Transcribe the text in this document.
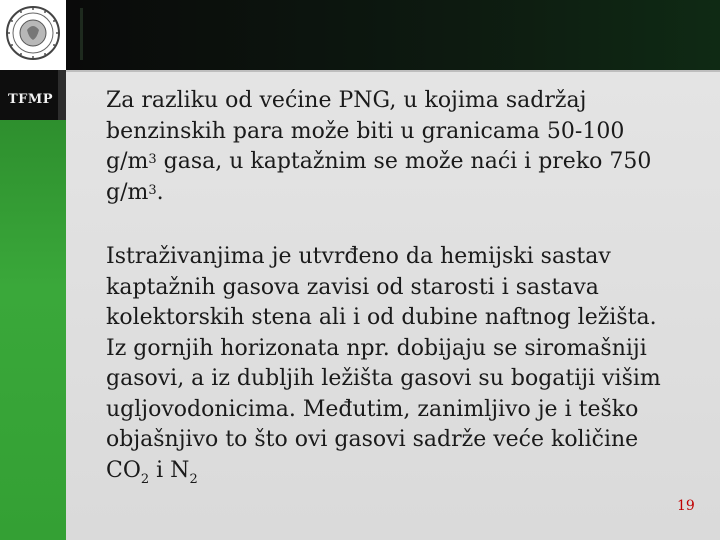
TFMP Za razliku od većine PNG, u kojima sadržaj
benzinskih para može biti u granicama 50-100
$g/m^3$ gasa, u kaptažnim se može naći i preko 750
$g/m^3$.

Istraživanjima je utvrđeno da hemijski sastav
kaptažnih gasova zavisi od starosti i sastava
kolektorskih stena ali i od dubine naftnog ležišta.
Iz gornjih horizonata npr. dobijaju se siromašniji
gasovi, a iz dubljih ležišta gasovi su bogatiji višim
ugljovodonicima. Međutim, zanimljivo je i teško
objašnjivo to što ovi gasovi sadrže veće količine
$CO_2$ i $N_2$

19
